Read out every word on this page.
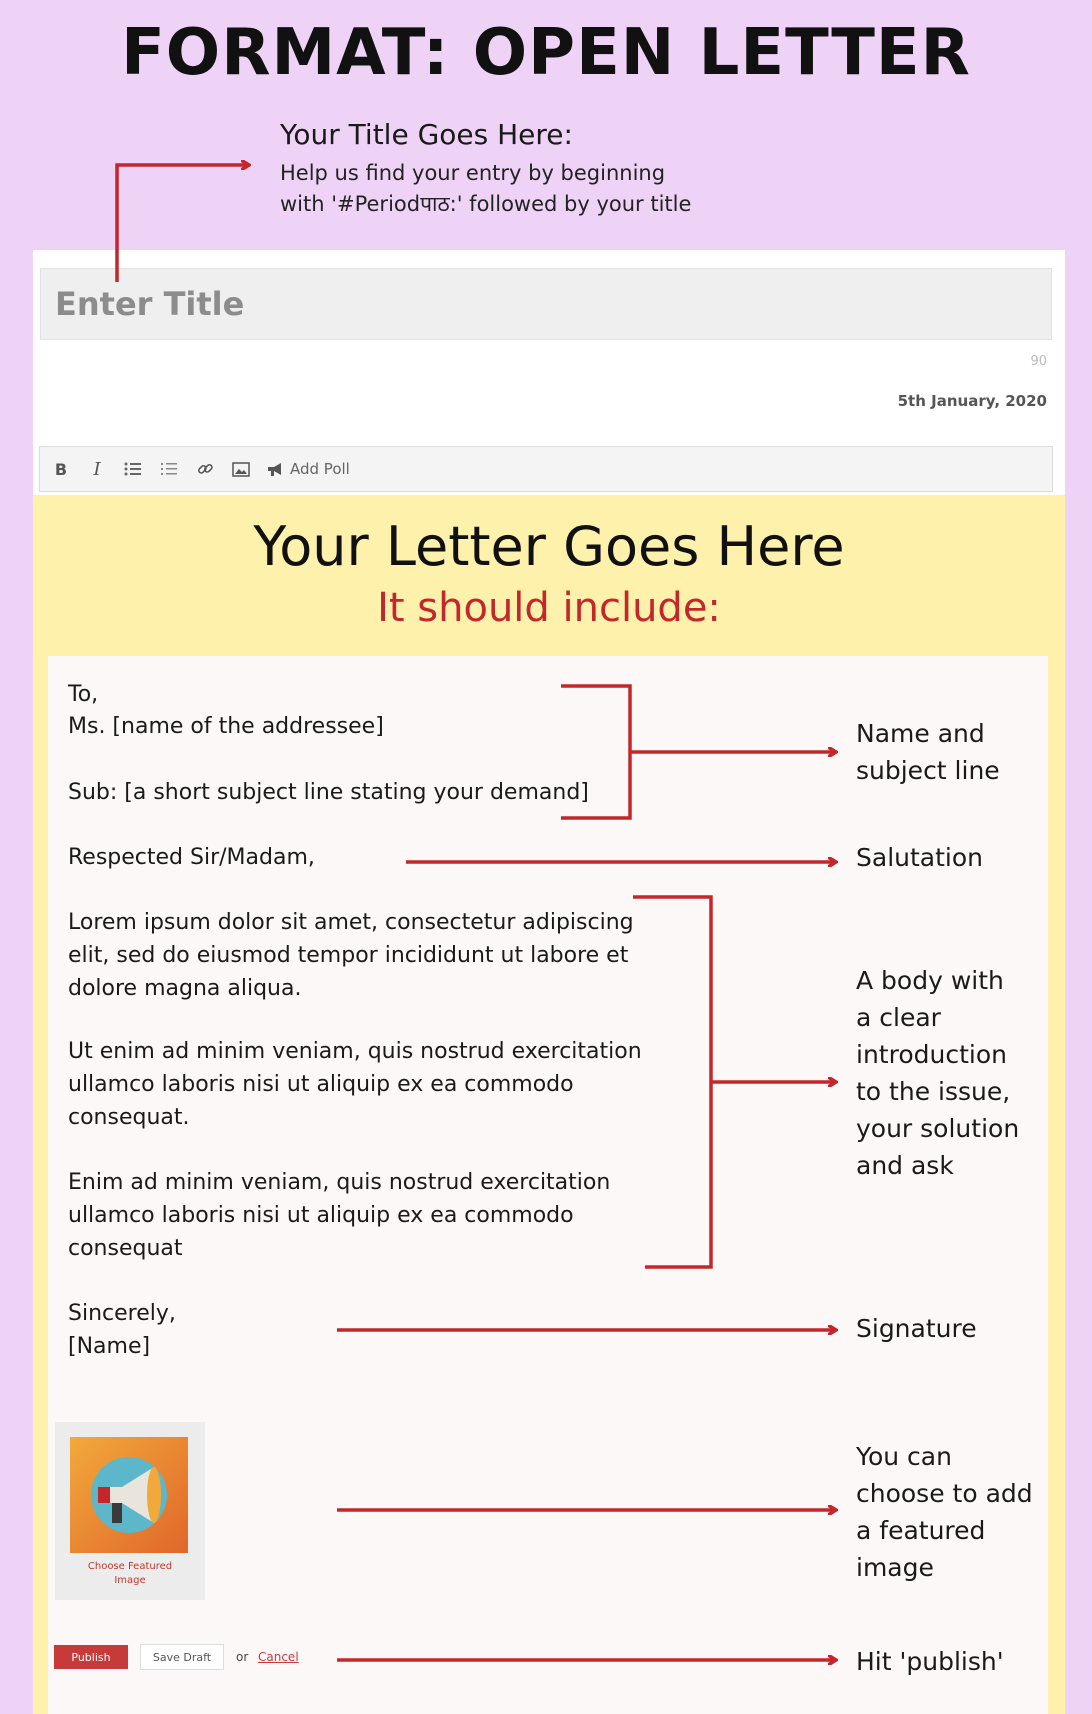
FORMAT: OPEN LETTER
Your Title Goes Here:
Help us find your entry by beginning
with '#Periodपाठ:' followed by your title
Enter Title
90
5th January, 2020
B	I	Add Poll
Your Letter Goes Here
It should include:
To,
Ms. [name of the addressee]
Sub: [a short subject line stating your demand]
Respected Sir/Madam,
Lorem ipsum dolor sit amet, consectetur adipiscing
elit, sed do eiusmod tempor incididunt ut labore et
dolore magna aliqua.
Ut enim ad minim veniam, quis nostrud exercitation
ullamco laboris nisi ut aliquip ex ea commodo
consequat.
Enim ad minim veniam, quis nostrud exercitation
ullamco laboris nisi ut aliquip ex ea commodo
consequat
Sincerely,
[Name]
Choose Featured
Image
Publish	Save Draft	or Cancel
Name and
subject line
Salutation
A body with
a clear
introduction
to the issue,
your solution
and ask
Signature
You can
choose to add
a featured
image
Hit 'publish'
